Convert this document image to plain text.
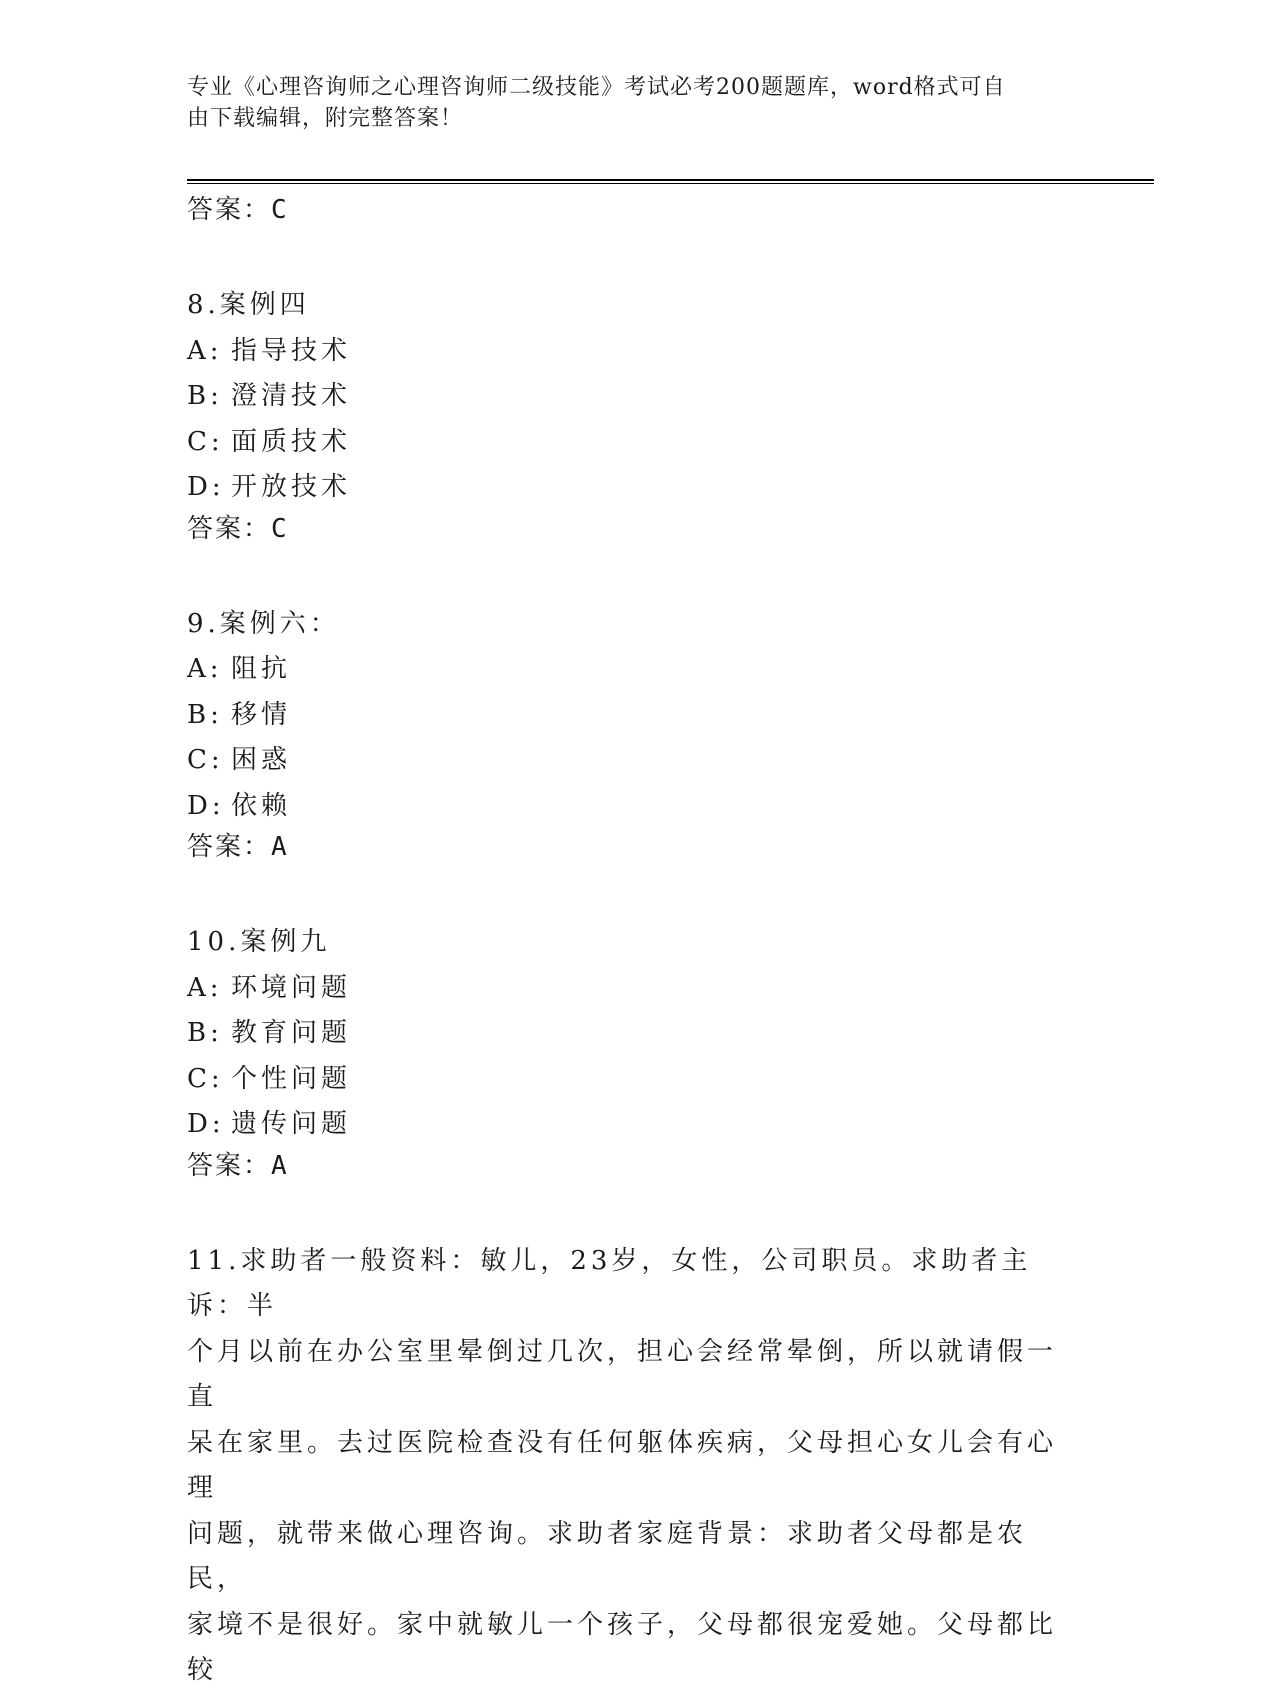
专业《心理咨询师之心理咨询师二级技能》考试必考200题题库，word格式可自
由下载编辑，附完整答案！
答案：C
8.案例四
A: 指导技术
B: 澄清技术
C: 面质技术
D: 开放技术
答案：C
9.案例六：
A: 阻抗
B: 移情
C: 困惑
D: 依赖
答案：A
10.案例九
A: 环境问题
B: 教育问题
C: 个性问题
D: 遗传问题
答案：A
11.求助者一般资料：敏儿，23岁，女性，公司职员。求助者主诉：半
个月以前在办公室里晕倒过几次，担心会经常晕倒，所以就请假一直
呆在家里。去过医院检查没有任何躯体疾病，父母担心女儿会有心理
问题，就带来做心理咨询。求助者家庭背景：求助者父母都是农民，
家境不是很好。家中就敏儿一个孩子，父母都很宠爱她。父母都比较
